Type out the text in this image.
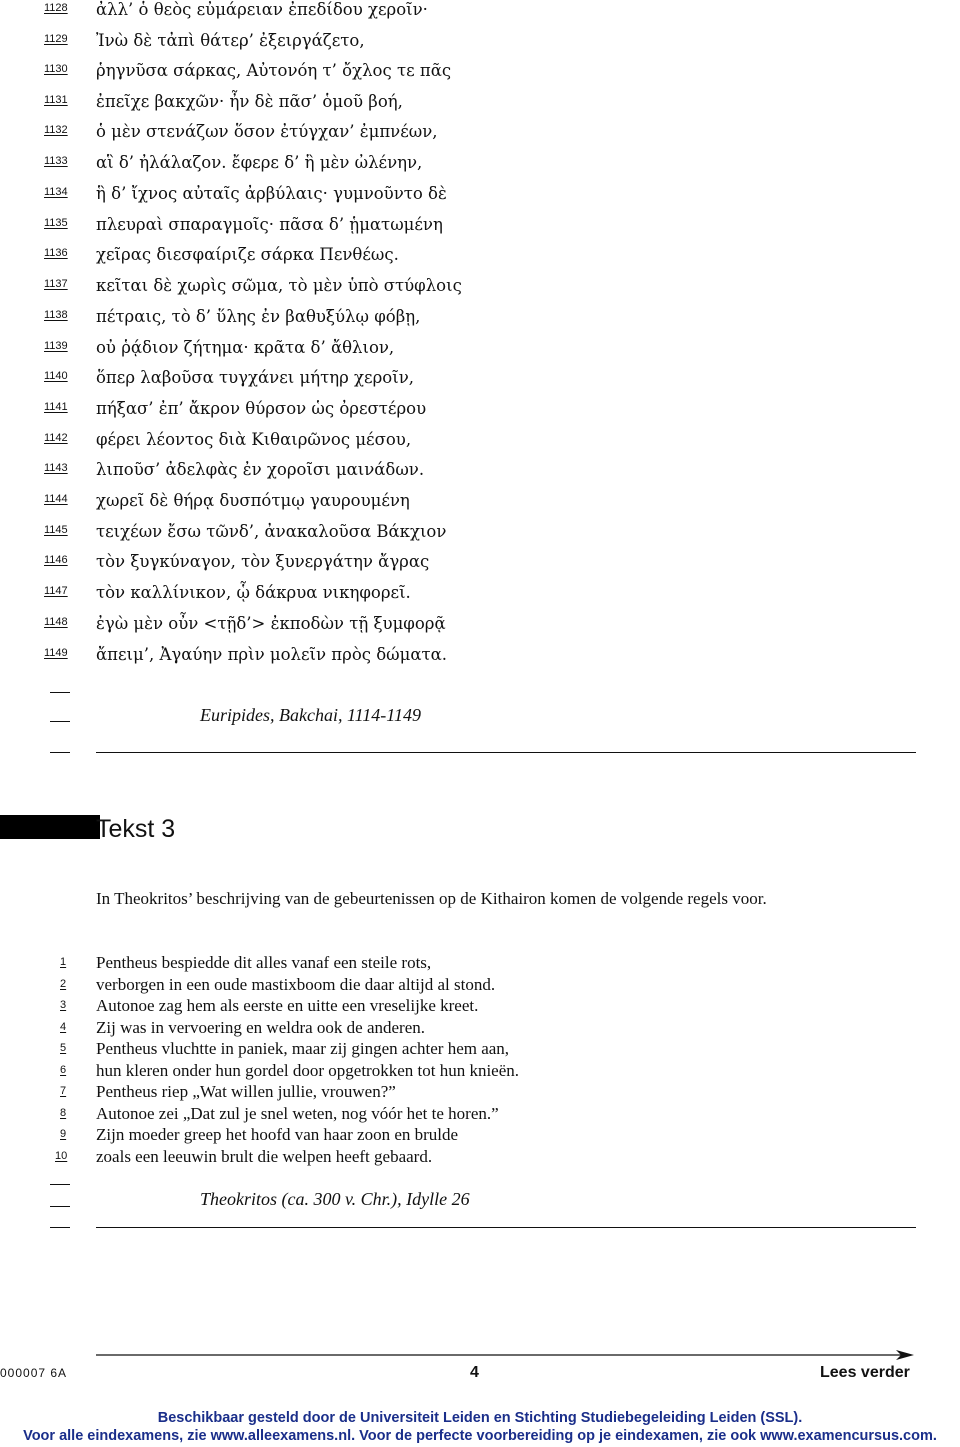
1128 ἀλλ’ ὁ θεὸς εὐμάρειαν ἐπεδίδου χεροῖν·
1129 Ἰνὼ δὲ τἀπὶ θάτερ’ ἐξειργάζετο,
1130 ῥηγνῦσα σάρκας, Αὐτονόη τ’ ὄχλος τε πᾶς
1131 ἐπεῖχε βακχῶν· ἦν δὲ πᾶσ’ ὁμοῦ βοή,
1132 ὁ μὲν στενάζων ὅσον ἐτύγχαν’ ἐμπνέων,
1133 αἳ δ’ ἠλάλαζον. ἔφερε δ’ ἣ μὲν ὠλένην,
1134 ἣ δ’ ἴχνος αὐταῖς ἀρβύλαις· γυμνοῦντο δὲ
1135 πλευραὶ σπαραγμοῖς· πᾶσα δ’ ᾑματωμένη
1136 χεῖρας διεσφαίριζε σάρκα Πενθέως.
1137 κεῖται δὲ χωρὶς σῶμα, τὸ μὲν ὑπὸ στύφλοις
1138 πέτραις, τὸ δ’ ὕλης ἐν βαθυξύλῳ φόβῃ,
1139 οὐ ῥᾴδιον ζήτημα· κρᾶτα δ’ ἄθλιον,
1140 ὅπερ λαβοῦσα τυγχάνει μήτηρ χεροῖν,
1141 πήξασ’ ἐπ’ ἄκρον θύρσον ὡς ὀρεστέρου
1142 φέρει λέοντος διὰ Κιθαιρῶνος μέσου,
1143 λιποῦσ’ ἀδελφὰς ἐν χοροῖσι μαινάδων.
1144 χωρεῖ δὲ θήρᾳ δυσπότμῳ γαυρουμένη
1145 τειχέων ἔσω τῶνδ’, ἀνακαλοῦσα Βάκχιον
1146 τὸν ξυγκύναγον, τὸν ξυνεργάτην ἄγρας
1147 τὸν καλλίνικον, ᾧ δάκρυα νικηφορεῖ.
1148 ἐγὼ μὲν οὖν <τῇδ’> ἐκποδὼν τῇ ξυμφορᾷ
1149 ἄπειμ’, Ἀγαύην πρὶν μολεῖν πρὸς δώματα.
Euripides, Bakchai, 1114-1149
Tekst 3
In Theokritos’ beschrijving van de gebeurtenissen op de Kithairon komen de volgende regels voor.
1 Pentheus bespiedde dit alles vanaf een steile rots,
2 verborgen in een oude mastixboom die daar altijd al stond.
3 Autonoe zag hem als eerste en uitte een vreselijke kreet.
4 Zij was in vervoering en weldra ook de anderen.
5 Pentheus vluchtte in paniek, maar zij gingen achter hem aan,
6 hun kleren onder hun gordel door opgetrokken tot hun knieën.
7 Pentheus riep „Wat willen jullie, vrouwen?”
8 Autonoe zei „Dat zul je snel weten, nog vóór het te horen.”
9 Zijn moeder greep het hoofd van haar zoon en brulde
10 zoals een leeuwin brult die welpen heeft gebaard.
Theokritos (ca. 300 v. Chr.), Idylle 26
000007 6A	4	Lees verder
Beschikbaar gesteld door de Universiteit Leiden en Stichting Studiebegeleiding Leiden (SSL).
Voor alle eindexamens, zie www.alleexamens.nl. Voor de perfecte voorbereiding op je eindexamen, zie ook www.examencursus.com.
